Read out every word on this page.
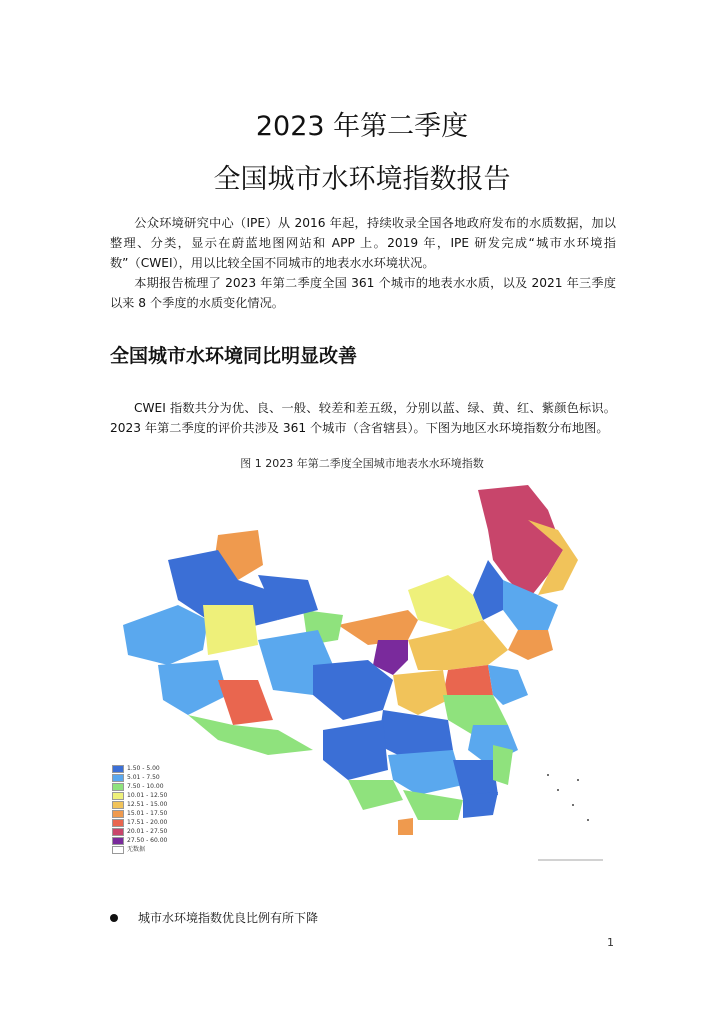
2023 年第二季度
全国城市水环境指数报告
公众环境研究中心（IPE）从 2016 年起，持续收录全国各地政府发布的水质数据，加以整理、分类，显示在蔚蓝地图网站和 APP 上。2019 年，IPE 研发完成“城市水环境指数”（CWEI），用以比较全国不同城市的地表水水环境状况。
本期报告梳理了 2023 年第二季度全国 361 个城市的地表水水质，以及 2021 年三季度以来 8 个季度的水质变化情况。
全国城市水环境同比明显改善
CWEI 指数共分为优、良、一般、较差和差五级，分别以蓝、绿、黄、红、紫颜色标识。2023 年第二季度的评价共涉及 361 个城市（含省辖县）。下图为地区水环境指数分布地图。
图 1 2023 年第二季度全国城市地表水水环境指数
1.50 - 5.00
5.01 - 7.50
7.50 - 10.00
10.01 - 12.50
12.51 - 15.00
15.01 - 17.50
17.51 - 20.00
20.01 - 27.50
27.50 - 60.00
无数据
城市水环境指数优良比例有所下降
1
